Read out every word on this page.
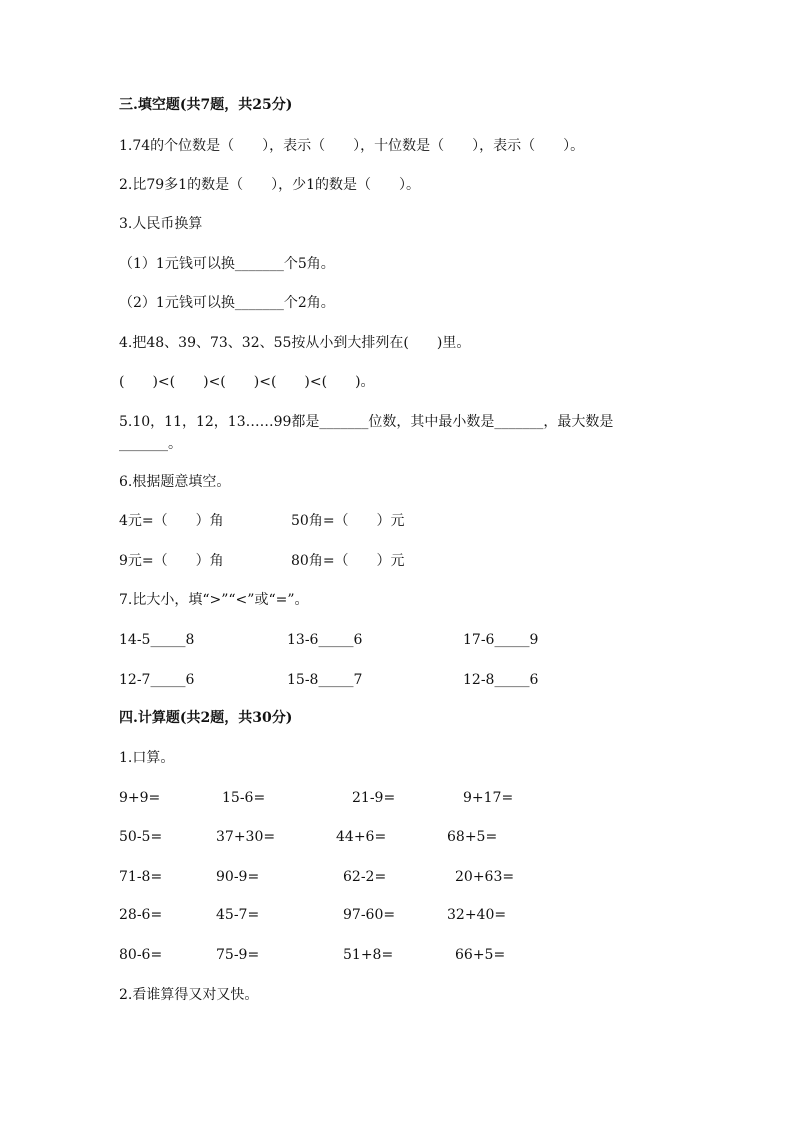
三.填空题(共7题，共25分)
1.74的个位数是（　　），表示（　　），十位数是（　　），表示（　　）。
2.比79多1的数是（　　），少1的数是（　　）。
3.人民币换算
（1）1元钱可以换_______个5角。
（2）1元钱可以换_______个2角。
4.把48、39、73、32、55按从小到大排列在(　　)里。
(　　)<(　　)<(　　)<(　　)<(　　)。
5.10，11，12，13……99都是_______位数，其中最小数是_______，最大数是
_______。
6.根据题意填空。
4元=（　　）角	50角=（　　）元
9元=（　　）角	80角=（　　）元
7.比大小，填“>”“<”或“=”。
14-5_____8	13-6_____6	17-6_____9
12-7_____6	15-8_____7	12-8_____6
四.计算题(共2题，共30分)
1.口算。
9+9=	15-6=	21-9=	9+17=
50-5=	37+30=	44+6=	68+5=
71-8=	90-9=	62-2=	20+63=
28-6=	45-7=	97-60=	32+40=
80-6=	75-9=	51+8=	66+5=
2.看谁算得又对又快。
